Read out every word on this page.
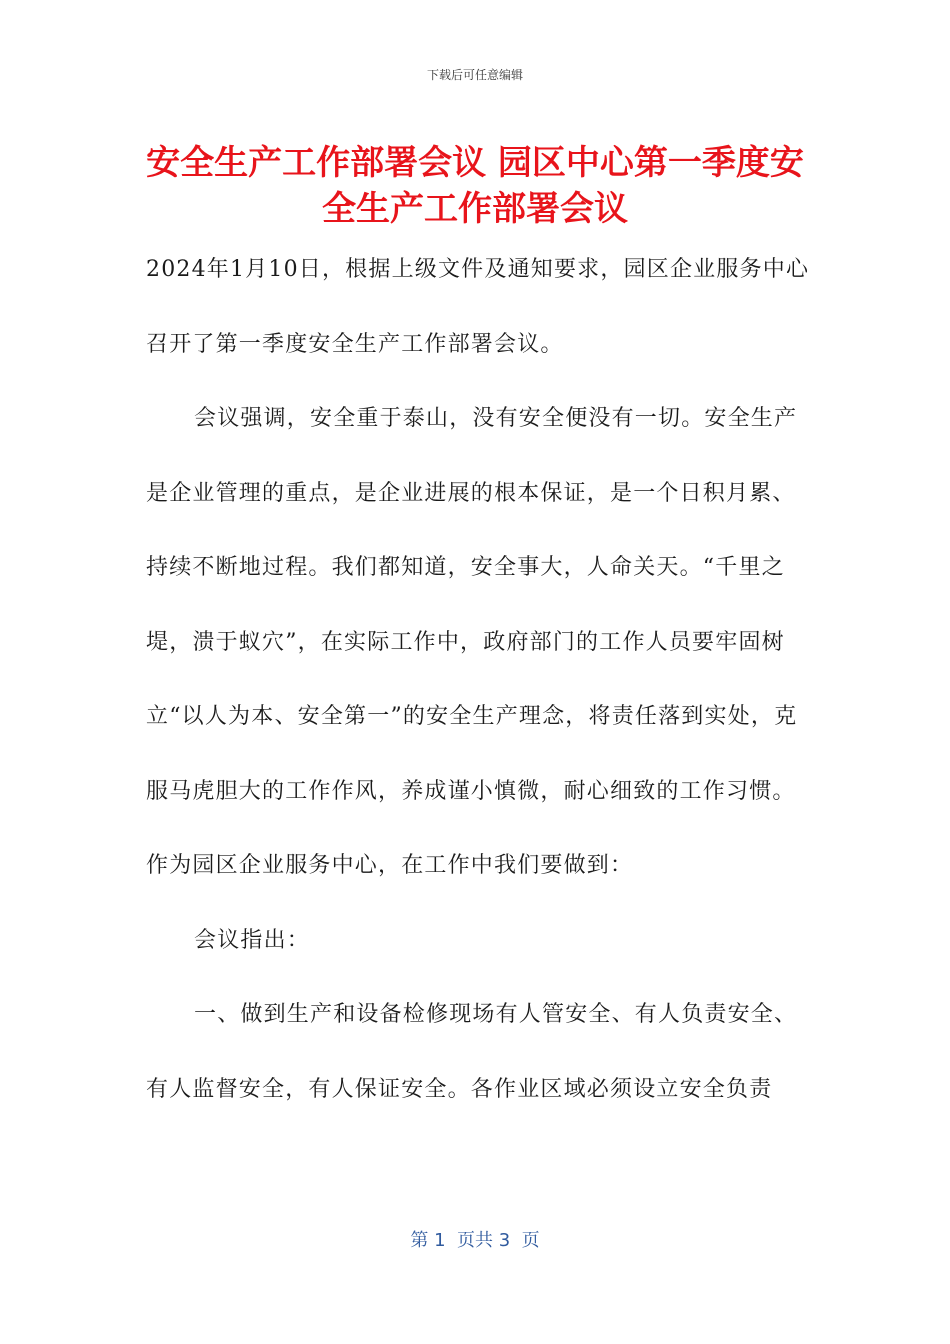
下载后可任意编辑
安全生产工作部署会议 园区中心第一季度安全生产工作部署会议

2024年1月10日，根据上级文件及通知要求，园区企业服务中心召开了第一季度安全生产工作部署会议。

会议强调，安全重于泰山，没有安全便没有一切。安全生产是企业管理的重点，是企业进展的根本保证，是一个日积月累、持续不断地过程。我们都知道，安全事大，人命关天。“千里之堤，溃于蚁穴”，在实际工作中，政府部门的工作人员要牢固树立“以人为本、安全第一”的安全生产理念，将责任落到实处，克服马虎胆大的工作作风，养成谨小慎微，耐心细致的工作习惯。作为园区企业服务中心，在工作中我们要做到：

会议指出：

一、做到生产和设备检修现场有人管安全、有人负责安全、有人监督安全，有人保证安全。各作业区域必须设立安全负责

第 1  页共 3  页
